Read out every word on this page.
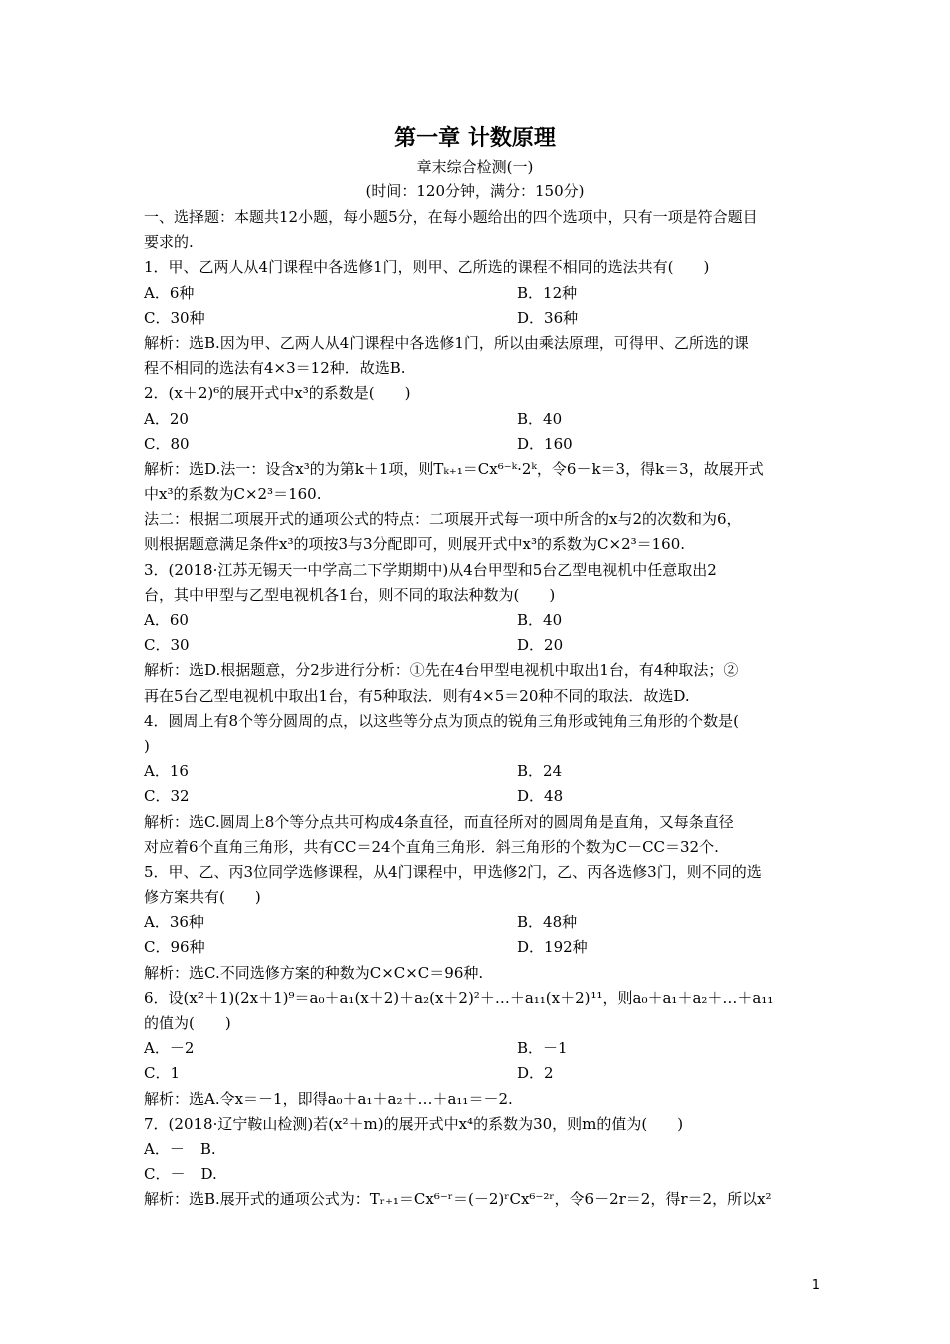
第一章 计数原理
章末综合检测(一)
(时间：120分钟，满分：150分)
一、选择题：本题共12小题，每小题5分，在每小题给出的四个选项中，只有一项是符合题目
要求的.
1．甲、乙两人从4门课程中各选修1门，则甲、乙所选的课程不相同的选法共有(　　)
A．6种	B．12种
C．30种	D．36种
解析：选B.因为甲、乙两人从4门课程中各选修1门，所以由乘法原理，可得甲、乙所选的课
程不相同的选法有4×3＝12种．故选B.
2．(x＋2)⁶的展开式中x³的系数是(　　)
A．20	B．40
C．80	D．160
解析：选D.法一：设含x³的为第k＋1项，则Tₖ₊₁＝Cx⁶⁻ᵏ·2ᵏ，令6－k＝3，得k＝3，故展开式
中x³的系数为C×2³＝160.
法二：根据二项展开式的通项公式的特点：二项展开式每一项中所含的x与2的次数和为6，
则根据题意满足条件x³的项按3与3分配即可，则展开式中x³的系数为C×2³＝160.
3．(2018·江苏无锡天一中学高二下学期期中)从4台甲型和5台乙型电视机中任意取出2
台，其中甲型与乙型电视机各1台，则不同的取法种数为(　　)
A．60	B．40
C．30	D．20
解析：选D.根据题意，分2步进行分析：①先在4台甲型电视机中取出1台，有4种取法；②
再在5台乙型电视机中取出1台，有5种取法．则有4×5＝20种不同的取法．故选D.
4．圆周上有8个等分圆周的点，以这些等分点为顶点的锐角三角形或钝角三角形的个数是(
)
A．16	B．24
C．32	D．48
解析：选C.圆周上8个等分点共可构成4条直径，而直径所对的圆周角是直角，又每条直径
对应着6个直角三角形，共有CC＝24个直角三角形．斜三角形的个数为C－CC＝32个.
5．甲、乙、丙3位同学选修课程，从4门课程中，甲选修2门，乙、丙各选修3门，则不同的选
修方案共有(　　)
A．36种	B．48种
C．96种	D．192种
解析：选C.不同选修方案的种数为C×C×C＝96种.
6．设(x²＋1)(2x＋1)⁹＝a₀＋a₁(x＋2)＋a₂(x＋2)²＋…＋a₁₁(x＋2)¹¹，则a₀＋a₁＋a₂＋…＋a₁₁
的值为(　　)
A．－2	B．－1
C．1	D．2
解析：选A.令x＝－1，即得a₀＋a₁＋a₂＋…＋a₁₁＝－2.
7．(2018·辽宁鞍山检测)若(x²＋m)的展开式中x⁴的系数为30，则m的值为(　　)
A．－　B.
C．－　D.
解析：选B.展开式的通项公式为：Tᵣ₊₁＝Cx⁶⁻ʳ＝(－2)ʳCx⁶⁻²ʳ，令6－2r＝2，得r＝2，所以x²
1
